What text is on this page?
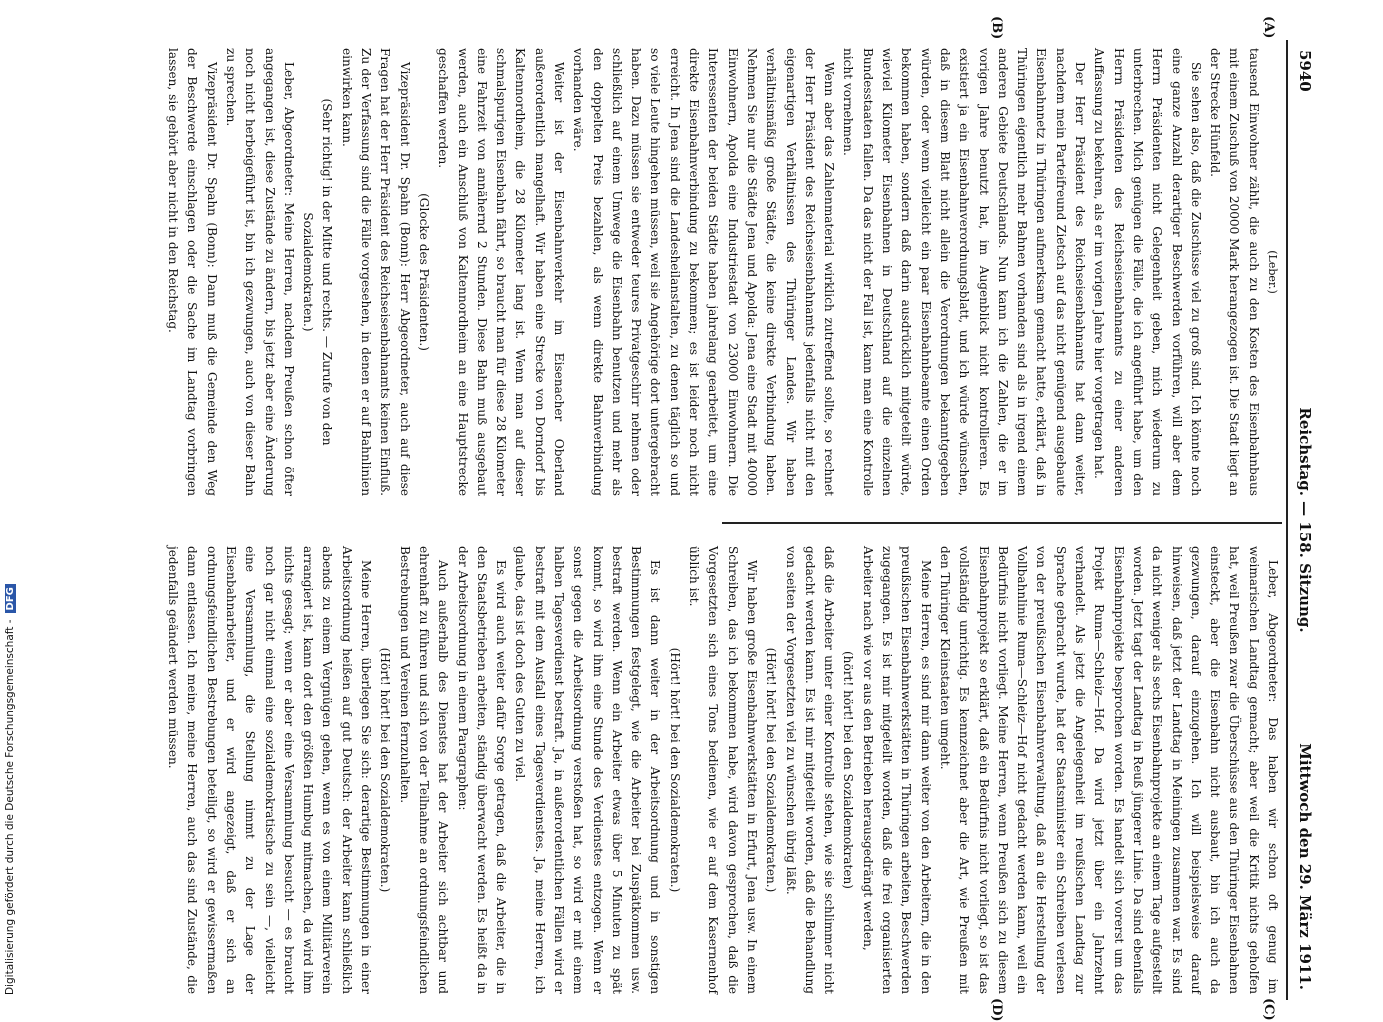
5940
Reichstag. — 158. Sitzung.
Mittwoch den 29. März 1911.
(A)
(B)
(C)
(D)

(Leber.)

tausend Einwohner zählt, die auch zu den Kosten des Eisenbahnbaus mit einem Zuschuß von 20000 Mark herangezogen ist. Die Stadt liegt an der Strecke Hünfeld.

Sie sehen also, daß die Zuschüsse viel zu groß sind. Ich könnte noch eine ganze Anzahl derartiger Beschwerden vorführen, will aber dem Herrn Präsidenten nicht Gelegenheit geben, mich wiederum zu unterbrechen. Mich genügen die Fälle, die ich angeführt habe, um den Herrn Präsidenten des Reichseisenbahnamts zu einer anderen Auffassung zu bekehren, als er im vorigen Jahre hier vorgetragen hat.

Der Herr Präsident des Reichseisenbahnamts hat dann weiter, nachdem mein Parteifreund Zietsch auf das nicht genügend ausgebaute Eisenbahnnetz in Thüringen aufmerksam gemacht hatte, erklärt, daß in Thüringen eigentlich mehr Bahnen vorhanden sind als in irgend einem anderen Gebiete Deutschlands. Nun kann ich die Zahlen, die er im vorigen Jahre benutzt hat, im Augenblick nicht kontrollieren. Es existiert ja ein Eisenbahnverordnungsblatt, und ich würde wünschen, daß in diesem Blatt nicht allein die Verordnungen bekanntgegeben würden, oder wenn vielleicht ein paar Eisenbahnbeamte einen Orden bekommen haben, sondern daß darin ausdrücklich mitgeteilt würde, wieviel Kilometer Eisenbahnen in Deutschland auf die einzelnen Bundesstaaten fallen. Da das nicht der Fall ist, kann man eine Kontrolle nicht vornehmen.

Wenn aber das Zahlenmaterial wirklich zutreffend sollte, so rechnet der Herr Präsident des Reichseisenbahnamts jedenfalls nicht mit den eigenartigen Verhältnissen des Thüringer Landes. Wir haben verhältnismäßig große Städte, die keine direkte Verbindung haben. Nehmen Sie nur die Städte Jena und Apolda: Jena eine Stadt mit 40000 Einwohnern, Apolda eine Industriestadt von 23000 Einwohnern. Die Interessenten der beiden Städte haben jahrelang gearbeitet, um eine direkte Eisenbahnverbindung zu bekommen; es ist leider noch nicht erreicht. In Jena sind die Landesheilanstalten, zu denen täglich so und so viele Leute hingehen müssen, weil sie Angehörige dort untergebracht haben. Dazu müssen sie entweder teures Privatgeschirr nehmen oder schließlich auf einem Umwege die Eisenbahn benutzen und mehr als den doppelten Preis bezahlen, als wenn direkte Bahnverbindung vorhanden wäre.

Weiter ist der Eisenbahnverkehr im Eisenacher Oberland außerordentlich mangelhaft. Wir haben eine Strecke von Dorndorf bis Kaltennordheim, die 28 Kilometer lang ist. Wenn man auf dieser schmalspurigen Eisenbahn fährt, so braucht man für diese 28 Kilometer eine Fahrzeit von annähernd 2 Stunden. Diese Bahn muß ausgebaut werden, auch ein Anschluß von Kaltennordheim an eine Hauptstrecke geschaffen werden.

(Glocke des Präsidenten.)

Vizepräsident Dr. Spahn (Bonn): Herr Abgeordneter, auch auf diese Fragen hat der Herr Präsident des Reichseisenbahnamts keinen Einfluß. Zu der Verfassung sind die Fälle vorgesehen, in denen er auf Bahnlinien einwirken kann.

(Sehr richtig! in der Mitte und rechts. — Zurufe von den Sozialdemokraten.)

Leber, Abgeordneter: Meine Herren, nachdem Preußen schon öfter angegangen ist, diese Zustände zu ändern, bis jetzt aber eine Änderung noch nicht herbeigeführt ist, bin ich gezwungen, auch von dieser Bahn zu sprechen.

Vizepräsident Dr. Spahn (Bonn): Dann muß die Gemeinde den Weg der Beschwerde einschlagen oder die Sache im Landtag vorbringen lassen, sie gehört aber nicht in den Reichstag.

Leber, Abgeordneter: Das haben wir schon oft genug im weimarischen Landtag gemacht; aber weil die Kritik nichts geholfen hat, weil Preußen zwar die Überschüsse aus den Thüringer Eisenbahnen einsteckt, aber die Eisenbahn nicht ausbaut, bin ich auch da gezwungen, darauf einzugehen. Ich will beispielsweise darauf hinweisen, daß jetzt der Landtag in Meiningen zusammen war. Es sind da nicht weniger als sechs Eisenbahnprojekte an einem Tage aufgestellt worden. Jetzt tagt der Landtag in Reuß jüngerer Linie. Da sind ebenfalls Eisenbahnprojekte besprochen worden. Es handelt sich vorerst um das Projekt Ruma—Schleiz—Hof. Da wird jetzt über ein Jahrzehnt verhandelt. Als jetzt die Angelegenheit im reußischen Landtag zur Sprache gebracht wurde, hat der Staatsminister ein Schreiben verlesen von der preußischen Eisenbahnverwaltung, daß an die Herstellung der Vollbahnlinie Ruma—Schleiz—Hof nicht gedacht werden kann, weil ein Bedürfnis nicht vorliegt. Meine Herren, wenn Preußen sich zu diesem Eisenbahnprojekt so erklärt, daß ein Bedürfnis nicht vorliegt, so ist das vollständig unrichtig. Es kennzeichnet aber die Art, wie Preußen mit den Thüringer Kleinstaaten umgeht.

Meine Herren, es sind mir dann weiter von den Arbeitern, die in den preußischen Eisenbahnwerkstätten in Thüringen arbeiten, Beschwerden zugegangen. Es ist mir mitgeteilt worden, daß die frei organisierten Arbeiter nach wie vor aus den Betrieben herausgedrängt werden,

(hört! hört! bei den Sozialdemokraten)

daß die Arbeiter unter einer Kontrolle stehen, wie sie schlimmer nicht gedacht werden kann. Es ist mir mitgeteilt worden, daß die Behandlung von seiten der Vorgesetzten viel zu wünschen übrig läßt.

(Hört! hört! bei den Sozialdemokraten.)

Wir haben große Eisenbahnwerkstätten in Erfurt, Jena usw. In einem Schreiben, das ich bekommen habe, wird davon gesprochen, daß die Vorgesetzten sich eines Tons bedienen, wie er auf dem Kasernenhof üblich ist.

(Hört! hört! bei den Sozialdemokraten.)

Es ist dann weiter in der Arbeitsordnung und in sonstigen Bestimmungen festgelegt, wie die Arbeiter bei Zuspätkommen usw. bestraft werden. Wenn ein Arbeiter etwas über 5 Minuten zu spät kommt, so wird ihm eine Stunde des Verdienstes entzogen. Wenn er sonst gegen die Arbeitsordnung verstoßen hat, so wird er mit einem halben Tagesverdienst bestraft. Ja, in außerordentlichen Fällen wird er bestraft mit dem Ausfall eines Tagesverdienstes. Ja, meine Herren, ich glaube, das ist doch des Guten zu viel.

Es wird auch weiter dafür Sorge getragen, daß die Arbeiter, die in den Staatsbetrieben arbeiten, ständig überwacht werden. Es heißt da in der Arbeitsordnung in einem Paragraphen:

Auch außerhalb des Dienstes hat der Arbeiter sich achtbar und ehrenhaft zu führen und sich von der Teilnahme an ordnungsfeindlichen Bestrebungen und Vereinen fernzuhalten.

(Hört! hört! bei den Sozialdemokraten.)

Meine Herren, überlegen Sie sich: derartige Bestimmungen in einer Arbeitsordnung heißen auf gut Deutsch: der Arbeiter kann schließlich abends zu einem Vergnügen gehen, wenn es von einem Militärverein arrangiert ist, kann dort den größten Humbug mitmachen, da wird ihm nichts gesagt; wenn er aber eine Versammlung besucht — es braucht noch gar nicht einmal eine sozialdemokratische zu sein —, vielleicht eine Versammlung, die Stellung nimmt zu der Lage der Eisenbahnarbeiter, und er wird angezeigt, daß er sich an ordnungsfeindlichen Bestrebungen beteiligt, so wird er gewissermaßen dann entlassen. Ich meine, meine Herren, auch das sind Zustände, die jedenfalls geändert werden müssen.

Digitalisierung gefördert durch die Deutsche Forschungsgemeinschaft -DFG
